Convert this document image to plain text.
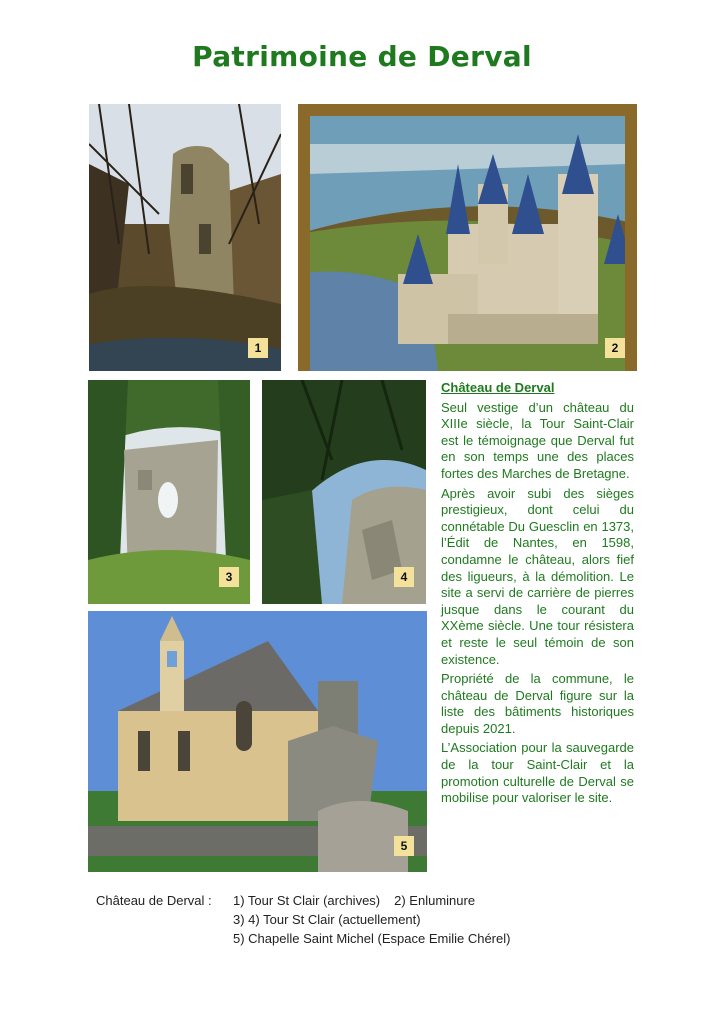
Patrimoine de Derval
1	2
3	4
5
Château de Derval

Seul vestige d’un château du XIIIe siècle, la Tour Saint-Clair est le témoignage que Derval fut en son temps une des places fortes des Marches de Bretagne.

Après avoir subi des sièges prestigieux, dont celui du connétable Du Guesclin en 1373, l’Édit de Nantes, en 1598, condamne le château, alors fief des ligueurs, à la démolition. Le site a servi de carrière de pierres jusque dans le courant du XXème siècle. Une tour résistera et reste le seul témoin de son existence.

Propriété de la commune, le château de Derval figure sur la liste des bâtiments historiques depuis 2021.

L’Association pour la sauvegarde de la tour Saint-Clair et la promotion culturelle de Derval se mobilise pour valoriser le site.

Château de Derval : 1) Tour St Clair (archives) 2) Enluminure
3) 4) Tour St Clair (actuellement)
5) Chapelle Saint Michel (Espace Emilie Chérel)
